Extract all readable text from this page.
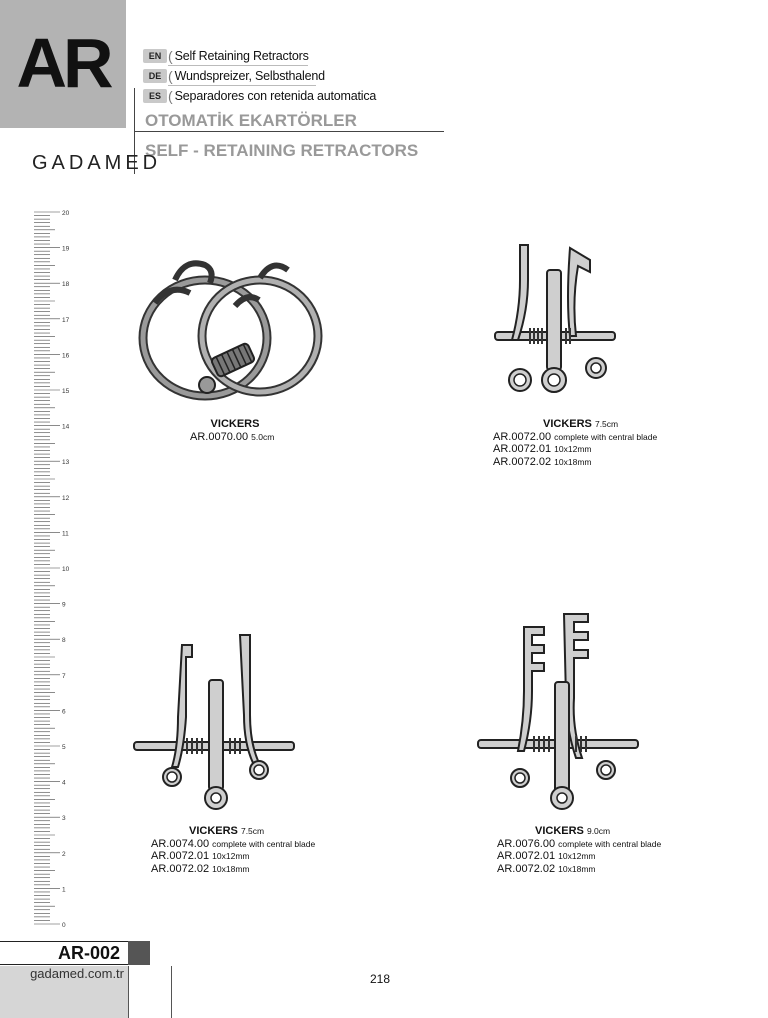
AR	EN ( Self Retaining Retractors
DE ( Wundspreizer, Selbsthalend
ES ( Separadores con retenida automatica
OTOMATİK EKARTÖRLER
SELF - RETAINING RETRACTORS
GADAMED
20
19
18
17
16
15
14
13
12
11
10
9
8
7
6
5
4
3
2
1
0
VICKERS
AR.0070.00 5.0cm
VICKERS 7.5cm
AR.0072.00 complete with central blade
AR.0072.01 10x12mm
AR.0072.02 10x18mm
VICKERS 7.5cm
AR.0074.00 complete with central blade
AR.0072.01 10x12mm
AR.0072.02 10x18mm
VICKERS 9.0cm
AR.0076.00 complete with central blade
AR.0072.01 10x12mm
AR.0072.02 10x18mm
AR-002
gadamed.com.tr	218
